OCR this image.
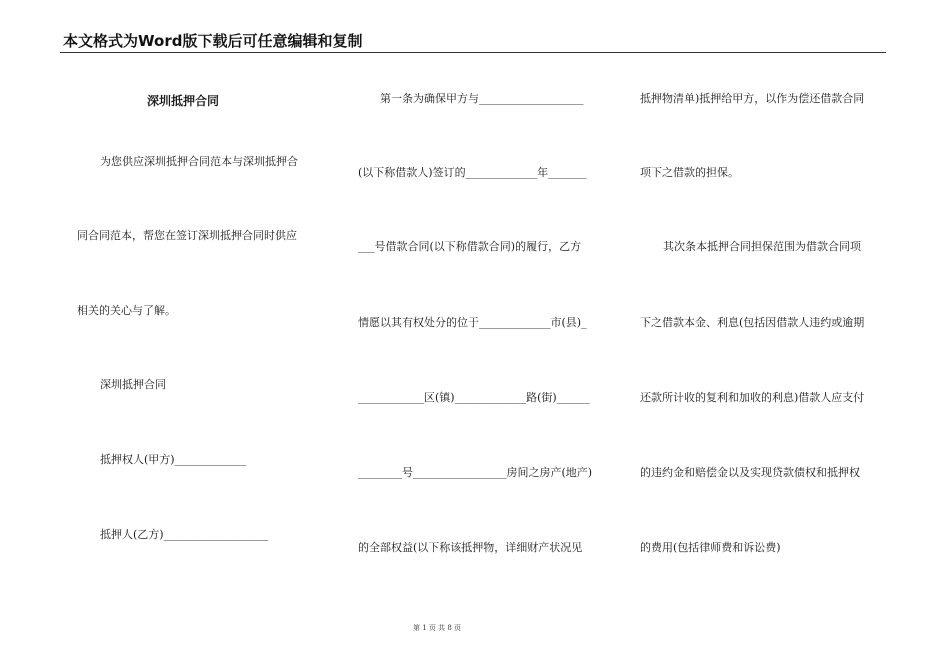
本文格式为Word版下载后可任意编辑和复制
深圳抵押合同
为您供应深圳抵押合同范本与深圳抵押合
同合同范本，帮您在签订深圳抵押合同时供应
相关的关心与了解。
深圳抵押合同
抵押权人(甲方)_____________
抵押人(乙方)___________________
第一条为确保甲方与___________________
(以下称借款人)签订的_____________年_______
___号借款合同(以下称借款合同)的履行，乙方
情愿以其有权处分的位于_____________市(县)_
____________区(镇)_____________路(街)______
________号_________________房间之房产(地产)
的全部权益(以下称该抵押物，详细财产状况见
抵押物清单)抵押给甲方，以作为偿还借款合同
项下之借款的担保。
其次条本抵押合同担保范围为借款合同项
下之借款本金、利息(包括因借款人违约或逾期
还款所计收的复利和加收的利息)借款人应支付
的违约金和赔偿金以及实现贷款债权和抵押权
的费用(包括律师费和诉讼费)
第 1 页 共 8 页
